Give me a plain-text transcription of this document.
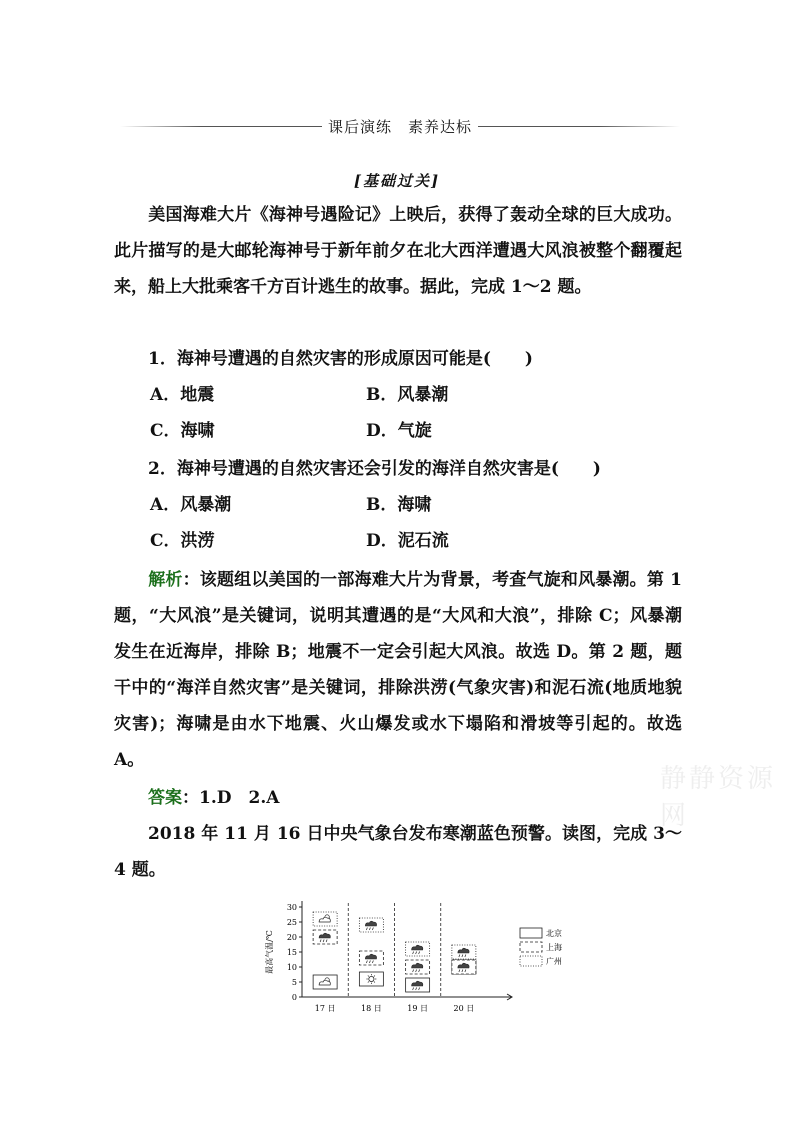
课后演练　素养达标
[基础过关]
美国海难大片《海神号遇险记》上映后，获得了轰动全球的巨大成功。此片描写的是大邮轮海神号于新年前夕在北大西洋遭遇大风浪被整个翻覆起来，船上大批乘客千方百计逃生的故事。据此，完成 1～2 题。
1．海神号遭遇的自然灾害的形成原因可能是(　　)
A．地震	B．风暴潮
C．海啸	D．气旋
2．海神号遭遇的自然灾害还会引发的海洋自然灾害是(　　)
A．风暴潮	B．海啸
C．洪涝	D．泥石流
解析：该题组以美国的一部海难大片为背景，考查气旋和风暴潮。第 1 题，“大风浪”是关键词，说明其遭遇的是“大风和大浪”，排除 C；风暴潮发生在近海岸，排除 B；地震不一定会引起大风浪。故选 D。第 2 题，题干中的“海洋自然灾害”是关键词，排除洪涝(气象灾害)和泥石流(地质地貌灾害)；海啸是由水下地震、火山爆发或水下塌陷和滑坡等引起的。故选 A。
答案：1.D　2.A
2018 年 11 月 16 日中央气象台发布寒潮蓝色预警。读图，完成 3～4 题。
静静资源网
0
5
10
15
20
25
30
最高气温/℃
17 日	18 日	19 日	20 日
北京
上海
广州
